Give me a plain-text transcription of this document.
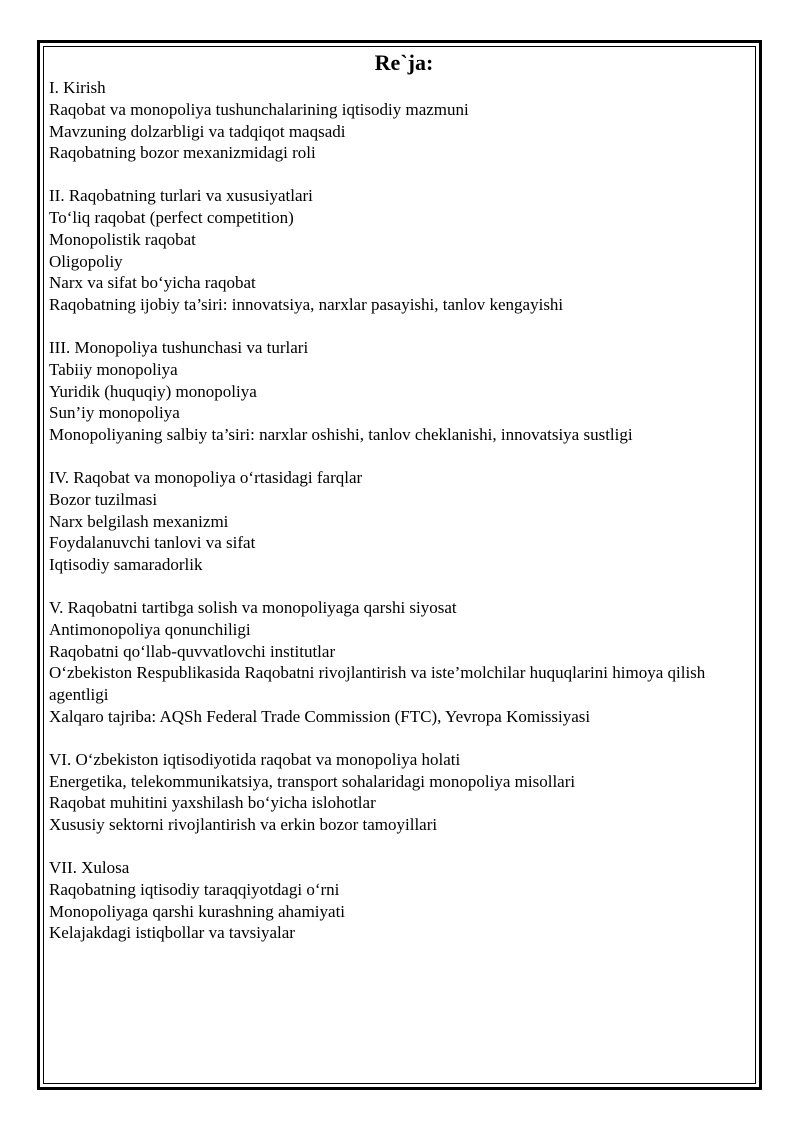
Re`ja:
I. Kirish
Raqobat va monopoliya tushunchalarining iqtisodiy mazmuni
Mavzuning dolzarbligi va tadqiqot maqsadi
Raqobatning bozor mexanizmidagi roli
II. Raqobatning turlari va xususiyatlari
To‘liq raqobat (perfect competition)
Monopolistik raqobat
Oligopoliy
Narx va sifat bo‘yicha raqobat
Raqobatning ijobiy ta’siri: innovatsiya, narxlar pasayishi, tanlov kengayishi
III. Monopoliya tushunchasi va turlari
Tabiiy monopoliya
Yuridik (huquqiy) monopoliya
Sun’iy monopoliya
Monopoliyaning salbiy ta’siri: narxlar oshishi, tanlov cheklanishi, innovatsiya sustligi
IV. Raqobat va monopoliya o‘rtasidagi farqlar
Bozor tuzilmasi
Narx belgilash mexanizmi
Foydalanuvchi tanlovi va sifat
Iqtisodiy samaradorlik
V. Raqobatni tartibga solish va monopoliyaga qarshi siyosat
Antimonopoliya qonunchiligi
Raqobatni qo‘llab-quvvatlovchi institutlar
O‘zbekiston Respublikasida Raqobatni rivojlantirish va iste’molchilar huquqlarini himoya qilish agentligi
Xalqaro tajriba: AQSh Federal Trade Commission (FTC), Yevropa Komissiyasi
VI. O‘zbekiston iqtisodiyotida raqobat va monopoliya holati
Energetika, telekommunikatsiya, transport sohalaridagi monopoliya misollari
Raqobat muhitini yaxshilash bo‘yicha islohotlar
Xususiy sektorni rivojlantirish va erkin bozor tamoyillari
VII. Xulosa
Raqobatning iqtisodiy taraqqiyotdagi o‘rni
Monopoliyaga qarshi kurashning ahamiyati
Kelajakdagi istiqbollar va tavsiyalar
